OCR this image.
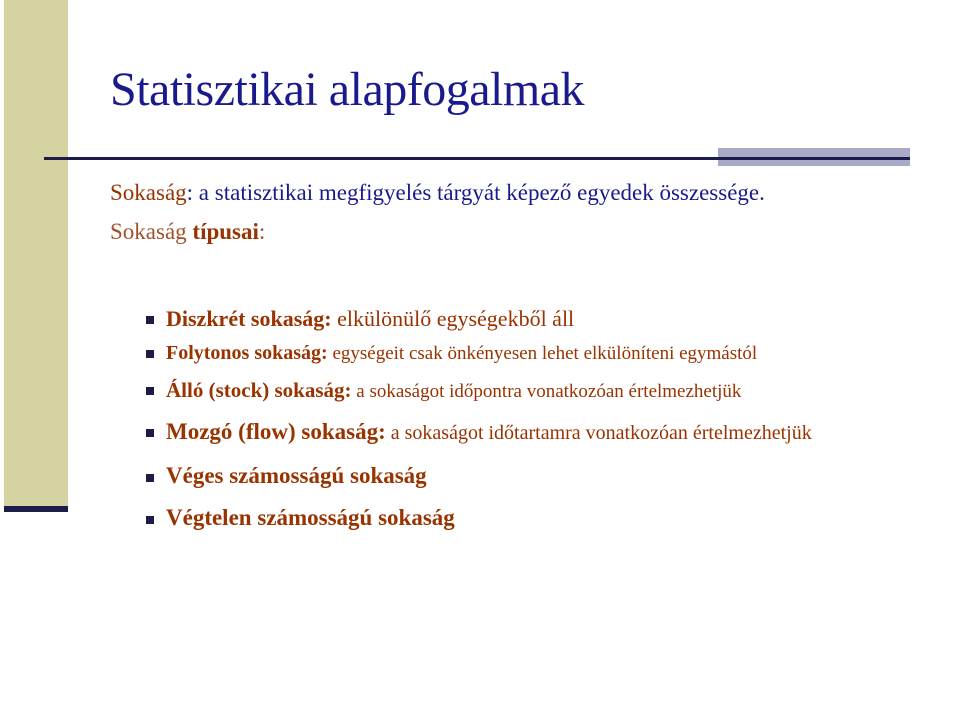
Statisztikai alapfogalmak
Sokaság: a statisztikai megfigyelés tárgyát képező egyedek összessége.
Sokaság típusai:
Diszkrét sokaság: elkülönülő egységekből áll
Folytonos sokaság: egységeit csak önkényesen lehet elkülöníteni egymástól
Álló (stock) sokaság: a sokaságot időpontra vonatkozóan értelmezhetjük
Mozgó (flow) sokaság: a sokaságot időtartamra vonatkozóan értelmezhetjük
Véges számosságú sokaság
Végtelen számosságú sokaság
